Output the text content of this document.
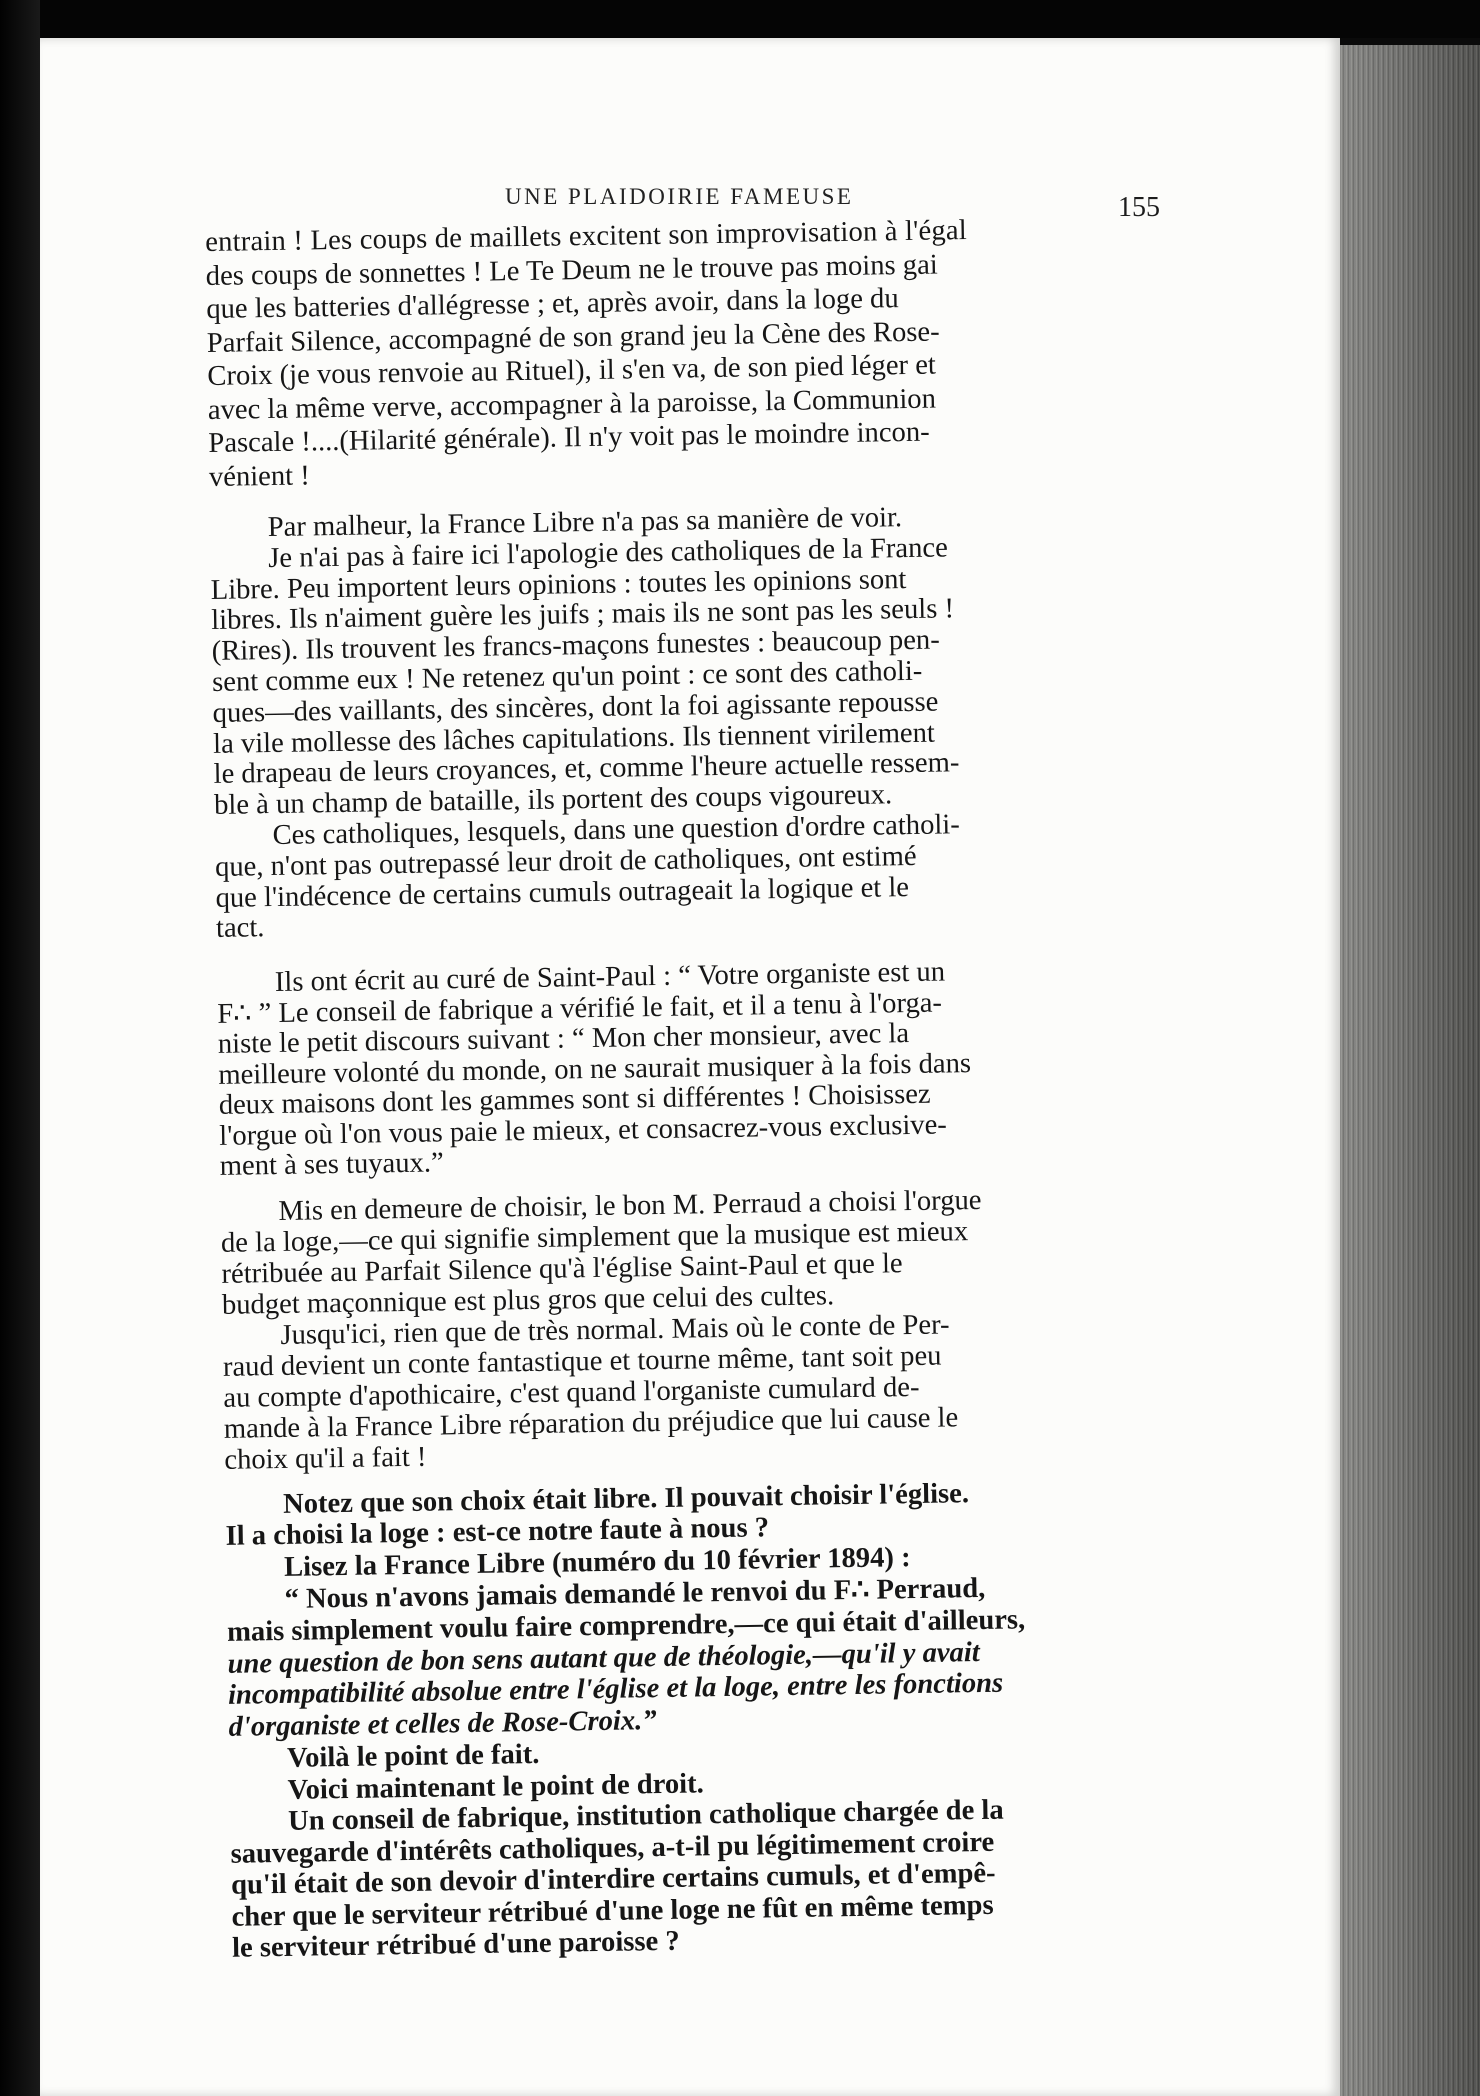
UNE PLAIDOIRIE FAMEUSE	155
entrain ! Les coups de maillets excitent son improvisation à l'égal
des coups de sonnettes ! Le Te Deum ne le trouve pas moins gai
que les batteries d'allégresse ; et, après avoir, dans la loge du
Parfait Silence, accompagné de son grand jeu la Cène des Rose-
Croix (je vous renvoie au Rituel), il s'en va, de son pied léger et
avec la même verve, accompagner à la paroisse, la Communion
Pascale !....(Hilarité générale). Il n'y voit pas le moindre incon-
vénient !
Par malheur, la France Libre n'a pas sa manière de voir.
Je n'ai pas à faire ici l'apologie des catholiques de la France
Libre. Peu importent leurs opinions : toutes les opinions sont
libres. Ils n'aiment guère les juifs ; mais ils ne sont pas les seuls !
(Rires). Ils trouvent les francs-maçons funestes : beaucoup pen-
sent comme eux ! Ne retenez qu'un point : ce sont des catholi-
ques—des vaillants, des sincères, dont la foi agissante repousse
la vile mollesse des lâches capitulations. Ils tiennent virilement
le drapeau de leurs croyances, et, comme l'heure actuelle ressem-
ble à un champ de bataille, ils portent des coups vigoureux.
Ces catholiques, lesquels, dans une question d'ordre catholi-
que, n'ont pas outrepassé leur droit de catholiques, ont estimé
que l'indécence de certains cumuls outrageait la logique et le
tact.
Ils ont écrit au curé de Saint-Paul : “ Votre organiste est un
F∴ ” Le conseil de fabrique a vérifié le fait, et il a tenu à l'orga-
niste le petit discours suivant : “ Mon cher monsieur, avec la
meilleure volonté du monde, on ne saurait musiquer à la fois dans
deux maisons dont les gammes sont si différentes ! Choisissez
l'orgue où l'on vous paie le mieux, et consacrez-vous exclusive-
ment à ses tuyaux.”
Mis en demeure de choisir, le bon M. Perraud a choisi l'orgue
de la loge,—ce qui signifie simplement que la musique est mieux
rétribuée au Parfait Silence qu'à l'église Saint-Paul et que le
budget maçonnique est plus gros que celui des cultes.
Jusqu'ici, rien que de très normal. Mais où le conte de Per-
raud devient un conte fantastique et tourne même, tant soit peu
au compte d'apothicaire, c'est quand l'organiste cumulard de-
mande à la France Libre réparation du préjudice que lui cause le
choix qu'il a fait !
Notez que son choix était libre. Il pouvait choisir l'église.
Il a choisi la loge : est-ce notre faute à nous ?
Lisez la France Libre (numéro du 10 février 1894) :
“ Nous n'avons jamais demandé le renvoi du F∴ Perraud,
mais simplement voulu faire comprendre,—ce qui était d'ailleurs,
une question de bon sens autant que de théologie,—qu'il y avait
incompatibilité absolue entre l'église et la loge, entre les fonctions
d'organiste et celles de Rose-Croix.”
Voilà le point de fait.
Voici maintenant le point de droit.
Un conseil de fabrique, institution catholique chargée de la
sauvegarde d'intérêts catholiques, a-t-il pu légitimement croire
qu'il était de son devoir d'interdire certains cumuls, et d'empê-
cher que le serviteur rétribué d'une loge ne fût en même temps
le serviteur rétribué d'une paroisse ?
